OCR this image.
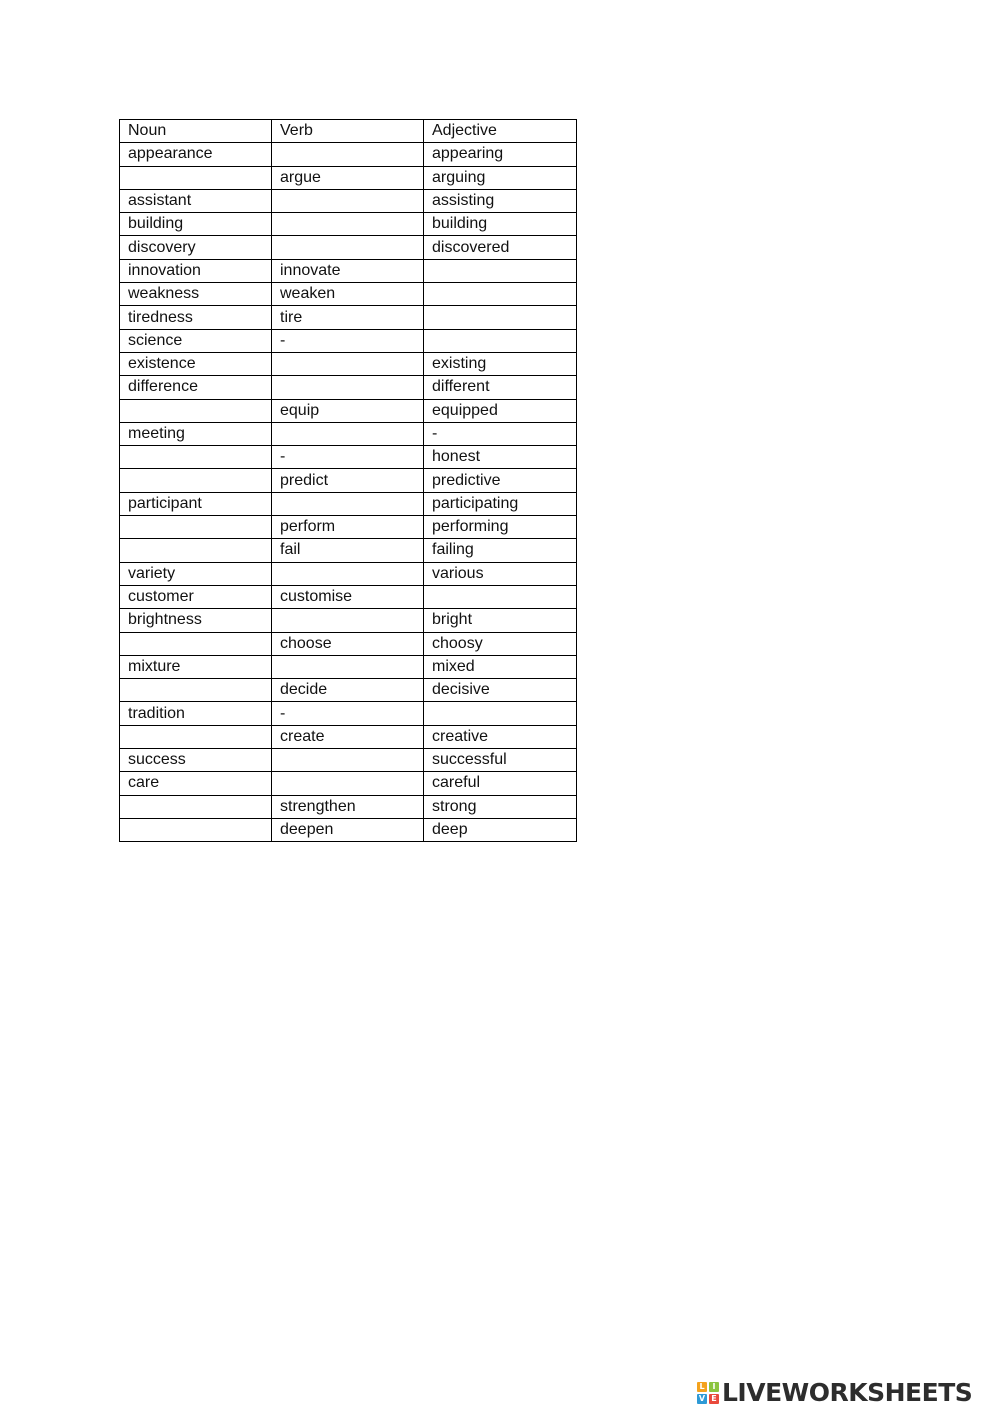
Noun	Verb	Adjective
appearance		appearing
	argue	arguing
assistant		assisting
building		building
discovery		discovered
innovation	innovate	
weakness	weaken	
tiredness	tire	
science	-	
existence		existing
difference		different
	equip	equipped
meeting		-
	-	honest
	predict	predictive
participant		participating
	perform	performing
	fail	failing
variety		various
customer	customise	
brightness		bright
	choose	choosy
mixture		mixed
	decide	decisive
tradition	-	
	create	creative
success		successful
care		careful
	strengthen	strong
	deepen	deep
L I
V E LIVEWORKSHEETS
